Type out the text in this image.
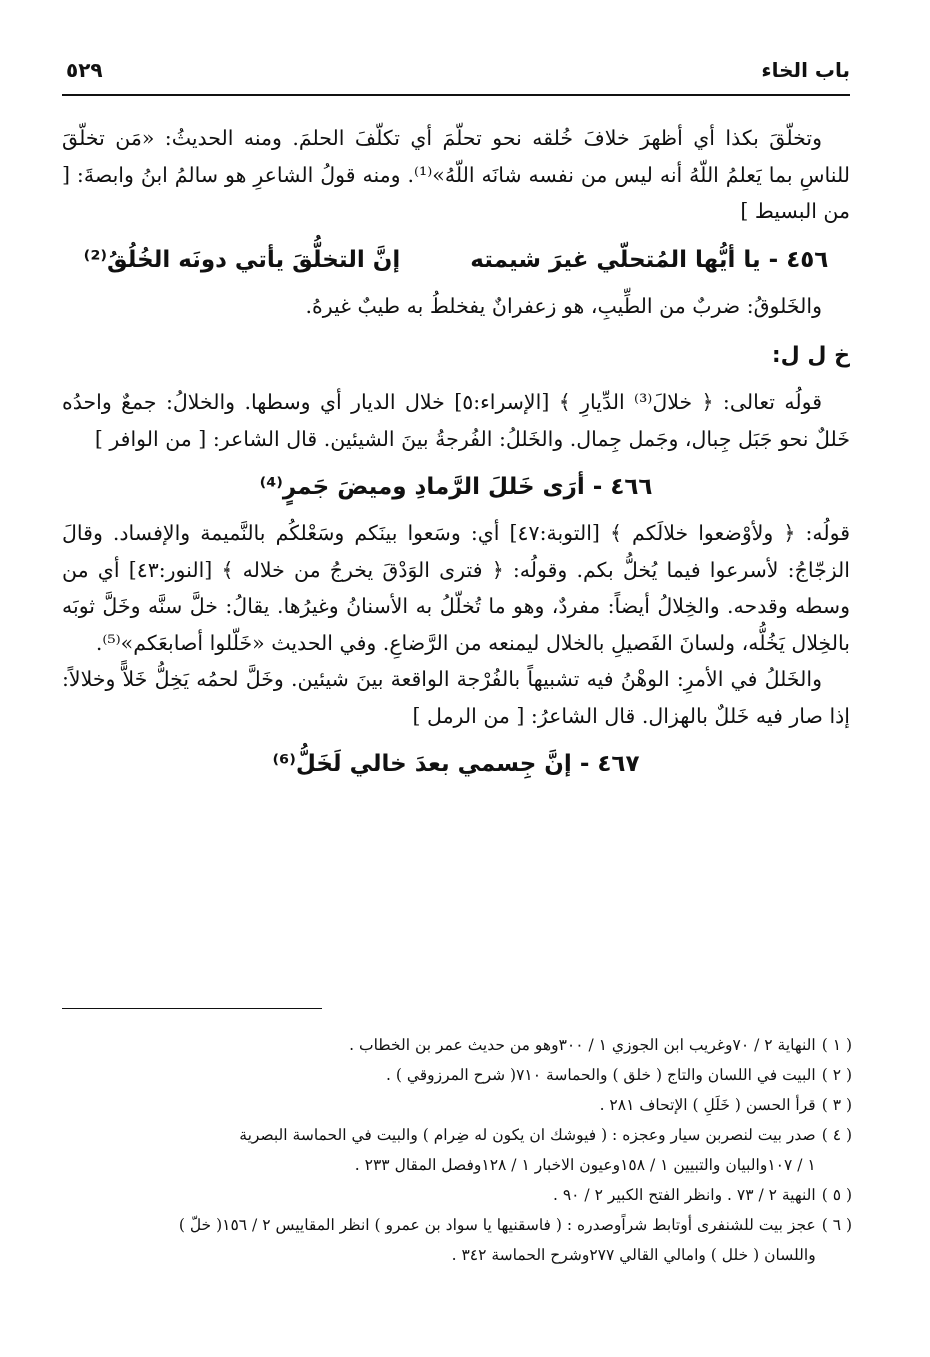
باب الخاء
٥٢٩

وتخلّقَ بكذا أي أظهرَ خلافَ خُلقه نحو تحلّمَ أي تكلّفَ الحلمَ. ومنه الحديثُ: «مَن تخلّقَ للناسِ بما يَعلمُ اللّهُ أنه ليس من نفسه شانَه اللّهُ»⁽¹⁾. ومنه قولُ الشاعرِ هو سالمُ ابنُ وابصةَ: [ من البسيط ]

٤٥٦ - يا أيُّها المُتحلّي غيرَ شيمتهإنَّ التخلُّقَ يأتي دونَه الخُلُقُ⁽²⁾

والخَلوقُ: ضربٌ من الطِّيبِ، هو زعفرانٌ يفخلطُ به طيبٌ غيرهُ.

خ ل ل:

قولُه تعالى: ﴿ خلالَ⁽³⁾ الدِّيارِ ﴾ [الإسراء:٥] خلال الديار أي وسطها. والخلالُ: جمعٌ واحدُه خَللٌ نحو جَبَل جِبال، وجَمل جِمال. والخَللُ: الفُرجةُ بينَ الشيئين. قال الشاعر: [ من الوافر ]

٤٦٦ - أرَى خَللَ الرَّمادِ وميضَ جَمرٍ⁽⁴⁾

قولُه: ﴿ ولأوْضعوا خلالَكم ﴾ [التوبة:٤٧] أي: وسَعوا بينَكم وسَعْلكُم بالنَّميمة والإفساد. وقالَ الزجّاجُ: لأسرعوا فيما يُخلُّ بكم. وقولُه: ﴿ فترى الوَدْقَ يخرجُ من خلاله ﴾ [النور:٤٣] أي من وسطه وقدحه. والخِلالُ أيضاً: مفردٌ، وهو ما تُخلّلُ به الأسنانُ وغيرُها. يقالُ: خلَّ سنَّه وخَلَّ ثوبَه بالخِلال يَخُلُّه، ولسانَ الفَصيلِ بالخلال ليمنعه من الرَّضاعِ. وفي الحديث «خَلّلوا أصابعَكم»⁽⁵⁾.

والخَللُ في الأمرِ: الوهْنُ فيه تشبيهاً بالفُرْجة الواقعة بينَ شيئين. وخَلَّ لحمُه يَخِلُّ خَلاًّ وخلالاً: إذا صار فيه خَللٌ بالهزال. قال الشاعرُ: [ من الرمل ]

٤٦٧ - إنَّ جِسمي بعدَ خالي لَخَلُّ⁽⁶⁾
( ١ )
النهاية ٢ / ٧٠وغريب ابن الجوزي ١ / ٣٠٠وهو من حديث عمر بن الخطاب .
( ٢ )
البيت في اللسان والتاج ( خلق ) والحماسة ٧١٠( شرح المرزوقي ) .
( ٣ )
قرأ الحسن ( خَلَلِ ) الإتحاف ٢٨١ .
( ٤ )
صدر بيت لنصربن سيار وعجزه : ( فيوشك ان يكون له ضِرام ) والبيت في الحماسة البصرية
١ / ١٠٧والبيان والتبيين ١ / ١٥٨وعيون الاخبار ١ / ١٢٨وفصل المقال ٢٣٣ .
( ٥ )
النهية ٢ / ٧٣ . وانظر الفتح الكبير ٢ / ٩٠ .
( ٦ )
عجز بيت للشنفرى أوتابط شراًوصدره : ( فاسقنيها يا سواد بن عمرو ) انظر المقاييس ٢ / ١٥٦( خلّ )
واللسان ( خلل ) وامالي القالي ٢٧٧وشرح الحماسة ٣٤٢ .
